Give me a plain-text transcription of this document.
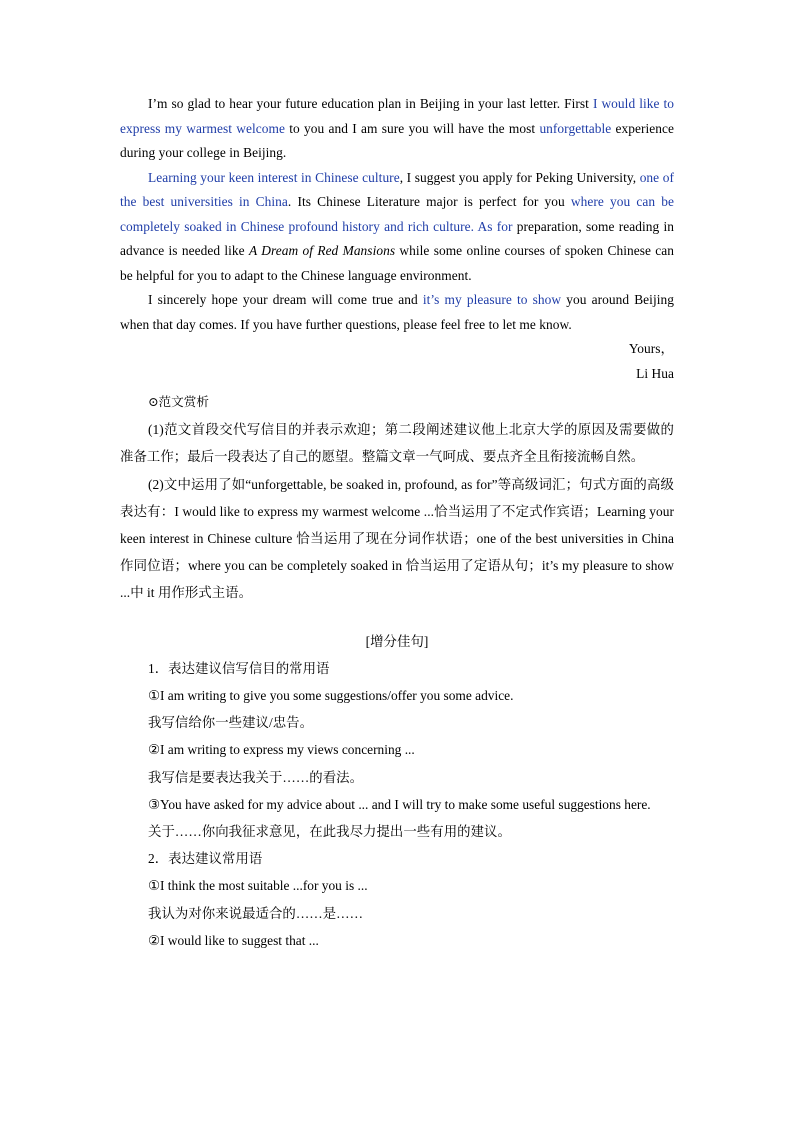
I’m so glad to hear your future education plan in Beijing in your last letter. First I would like to express my warmest welcome to you and I am sure you will have the most unforgettable experience during your college in Beijing.

Learning your keen interest in Chinese culture, I suggest you apply for Peking University, one of the best universities in China. Its Chinese Literature major is perfect for you where you can be completely soaked in Chinese profound history and rich culture. As for preparation, some reading in advance is needed like A Dream of Red Mansions while some online courses of spoken Chinese can be helpful for you to adapt to the Chinese language environment.

I sincerely hope your dream will come true and it’s my pleasure to show you around Beijing when that day comes. If you have further questions, please feel free to let me know.

Yours，

Li Hua

⊙范文赏析

(1)范文首段交代写信目的并表示欢迎；第二段阐述建议他上北京大学的原因及需要做的准备工作；最后一段表达了自己的愿望。整篇文章一气呵成、要点齐全且衔接流畅自然。

(2)文中运用了如“unforgettable, be soaked in, profound, as for”等高级词汇；句式方面的高级表达有：I would like to express my warmest welcome ...恰当运用了不定式作宾语；Learning your keen interest in Chinese culture 恰当运用了现在分词作状语；one of the best universities in China 作同位语；where you can be completely soaked in 恰当运用了定语从句；it’s my pleasure to show ...中 it 用作形式主语。

[增分佳句]

1．表达建议信写信目的常用语

①I am writing to give you some suggestions/offer you some advice.

我写信给你一些建议/忠告。

②I am writing to express my views concerning ...

我写信是要表达我关于……的看法。

③You have asked for my advice about ... and I will try to make some useful suggestions here.

关于……你向我征求意见，在此我尽力提出一些有用的建议。

2．表达建议常用语

①I think the most suitable ...for you is ...

我认为对你来说最适合的……是……

②I would like to suggest that ...
